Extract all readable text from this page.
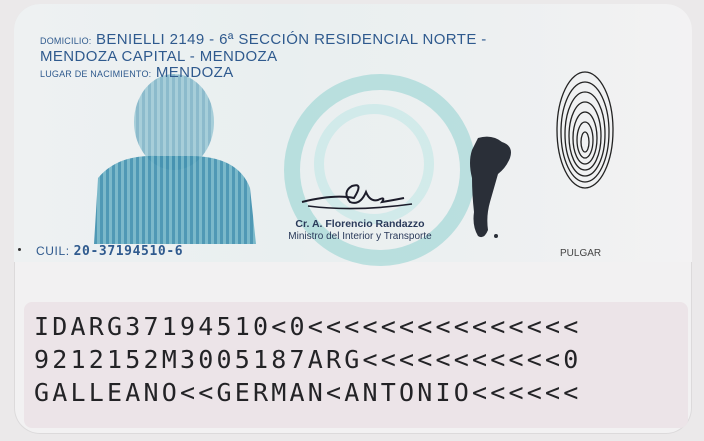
DOMICILIO: BENIELLI 2149 - 6ª SECCIÓN RESIDENCIAL NORTE -
MENDOZA CAPITAL - MENDOZA
LUGAR DE NACIMIENTO: MENDOZA
Cr. A. Florencio Randazzo
Ministro del Interior y Transporte
PULGAR
CUIL: 20-37194510-6
IDARG37194510<0<<<<<<<<<<<<<<<
9212152M3005187ARG<<<<<<<<<<<0
GALLEANO<<GERMAN<ANTONIO<<<<<<
